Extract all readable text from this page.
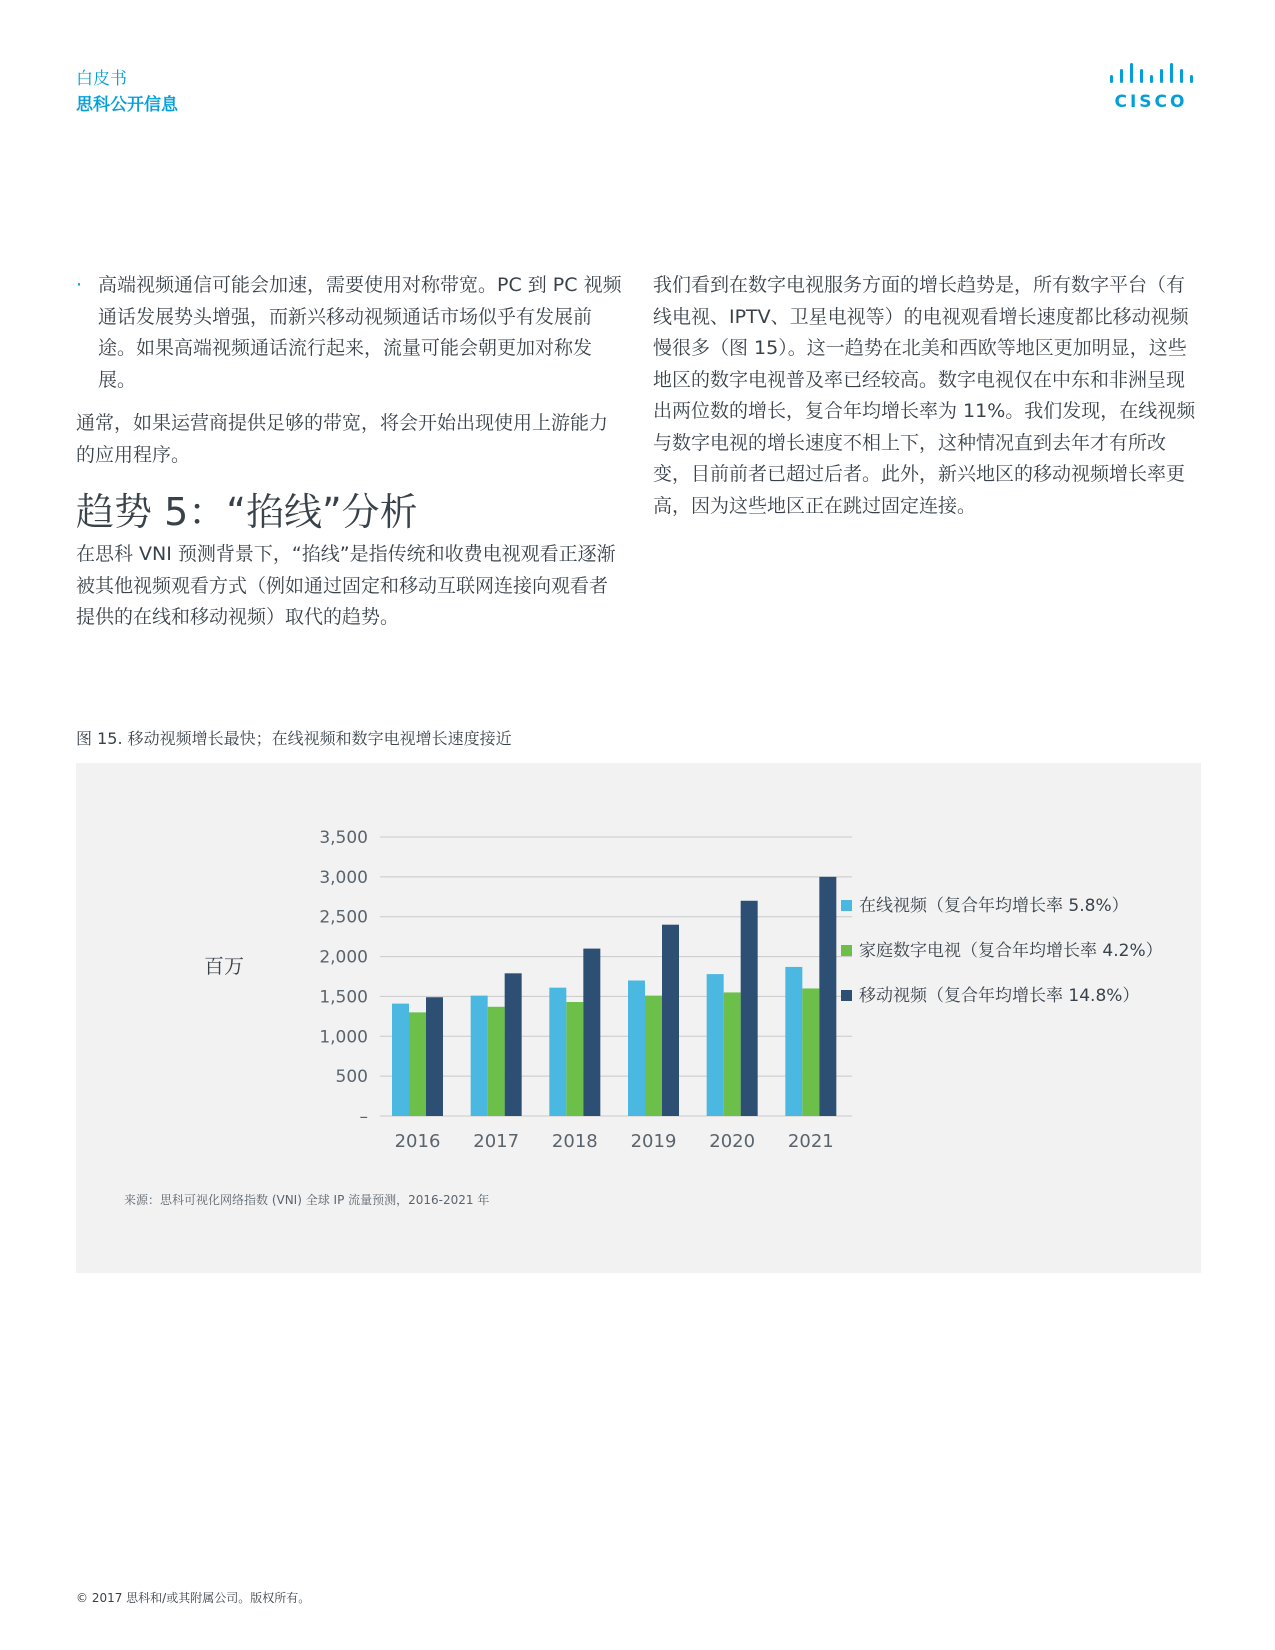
白皮书
思科公开信息	CISCO
· 高端视频通信可能会加速，需要使用对称带宽。PC 到 PC 视频通话发展势头增强，而新兴移动视频通话市场似乎有发展前途。如果高端视频通话流行起来，流量可能会朝更加对称发展。
通常，如果运营商提供足够的带宽，将会开始出现使用上游能力的应用程序。
趋势 5：“掐线”分析
在思科 VNI 预测背景下，“掐线”是指传统和收费电视观看正逐渐被其他视频观看方式（例如通过固定和移动互联网连接向观看者提供的在线和移动视频）取代的趋势。
我们看到在数字电视服务方面的增长趋势是，所有数字平台（有线电视、IPTV、卫星电视等）的电视观看增长速度都比移动视频慢很多（图 15）。这一趋势在北美和西欧等地区更加明显，这些地区的数字电视普及率已经较高。数字电视仅在中东和非洲呈现出两位数的增长，复合年均增长率为 11%。我们发现，在线视频与数字电视的增长速度不相上下，这种情况直到去年才有所改变，目前前者已超过后者。此外，新兴地区的移动视频增长率更高，因为这些地区正在跳过固定连接。
图 15. 移动视频增长最快；在线视频和数字电视增长速度接近
–
500
1,000
1,500
2,000
2,500
3,000
3,500
百万
2016 2017 2018 2019 2020 2021
在线视频（复合年均增长率 5.8%）
家庭数字电视（复合年均增长率 4.2%）
移动视频（复合年均增长率 14.8%）
来源：思科可视化网络指数 (VNI) 全球 IP 流量预测，2016-2021 年
© 2017 思科和/或其附属公司。版权所有。
